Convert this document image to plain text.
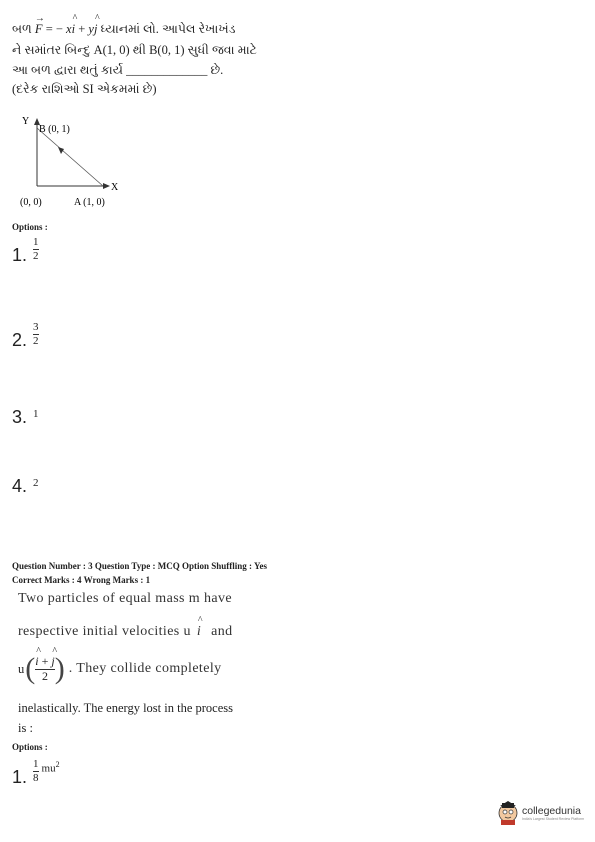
બળ → F = − x^ i + y^ j ધ્યાનમાં લો. આપેલ રેખાખંડ
ને સમાંતર બિન્દુ A(1, 0) થી B(0, 1) સુધી જવા માટે
આ બળ દ્વારા થતું કાર્ય _____________ છે.
(દરેક રાશિઓ SI એકમમાં છે)
Y
B (0, 1)
X
(0, 0)	A (1, 0)
Options :
1. $\frac{1}{2}$
2. $\frac{3}{2}$
3. 1
4. 2
Question Number : 3 Question Type : MCQ Option Shuffling : Yes
Correct Marks : 4 Wrong Marks : 1
Two particles of equal mass m have
respective initial velocities u ^ i and
u ( ^ $\frac{i + \^{} j}{2}$ ) . They collide completely
inelastically. The energy lost in the process
is :
Options :
1. $\frac{1}{8} mu^2$
collegedunia
India's Largest Student Review Platform
